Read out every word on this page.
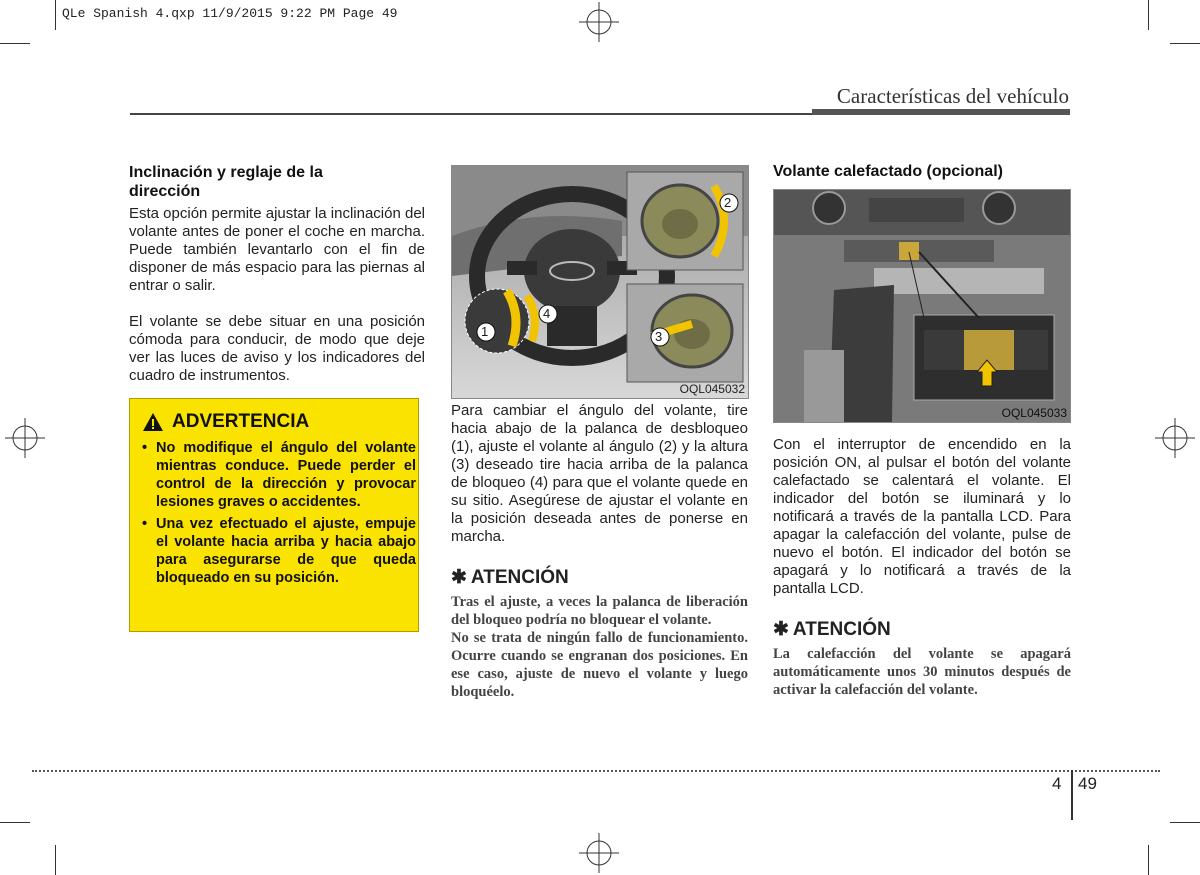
QLe Spanish 4.qxp 11/9/2015 9:22 PM Page 49
Características del vehículo
Inclinación y reglaje de la
dirección

Esta opción permite ajustar la inclinación del volante antes de poner el coche en marcha. Puede también levantarlo con el fin de disponer de más espacio para las piernas al entrar o salir.

El volante se debe situar en una posición cómoda para conducir, de modo que deje ver las luces de aviso y los indicadores del cuadro de instrumentos.

ADVERTENCIA
• No modifique el ángulo del volante mientras conduce. Puede perder el control de la dirección y provocar lesiones graves o accidentes.
• Una vez efectuado el ajuste, empuje el volante hacia arriba y hacia abajo para asegurarse de que queda bloqueado en su posición.
1
2
3
4
OQL045032

Para cambiar el ángulo del volante, tire hacia abajo de la palanca de desbloqueo (1), ajuste el volante al ángulo (2) y la altura (3) deseado tire hacia arriba de la palanca de bloqueo (4) para que el volante quede en su sitio. Asegúrese de ajustar el volante en la posición deseada antes de ponerse en marcha.

✱ ATENCIÓN

Tras el ajuste, a veces la palanca de liberación del bloqueo podría no bloquear el volante.

No se trata de ningún fallo de funcionamiento. Ocurre cuando se engranan dos posiciones. En ese caso, ajuste de nuevo el volante y luego bloquéelo.

Volante calefactado (opcional)
OQL045033

Con el interruptor de encendido en la posición ON, al pulsar el botón del volante calefactado se calentará el volante. El indicador del botón se iluminará y lo notificará a través de la pantalla LCD. Para apagar la calefacción del volante, pulse de nuevo el botón. El indicador del botón se apagará y lo notificará a través de la pantalla LCD.

✱ ATENCIÓN

La calefacción del volante se apagará automáticamente unos 30 minutos después de activar la calefacción del volante.

4 49
